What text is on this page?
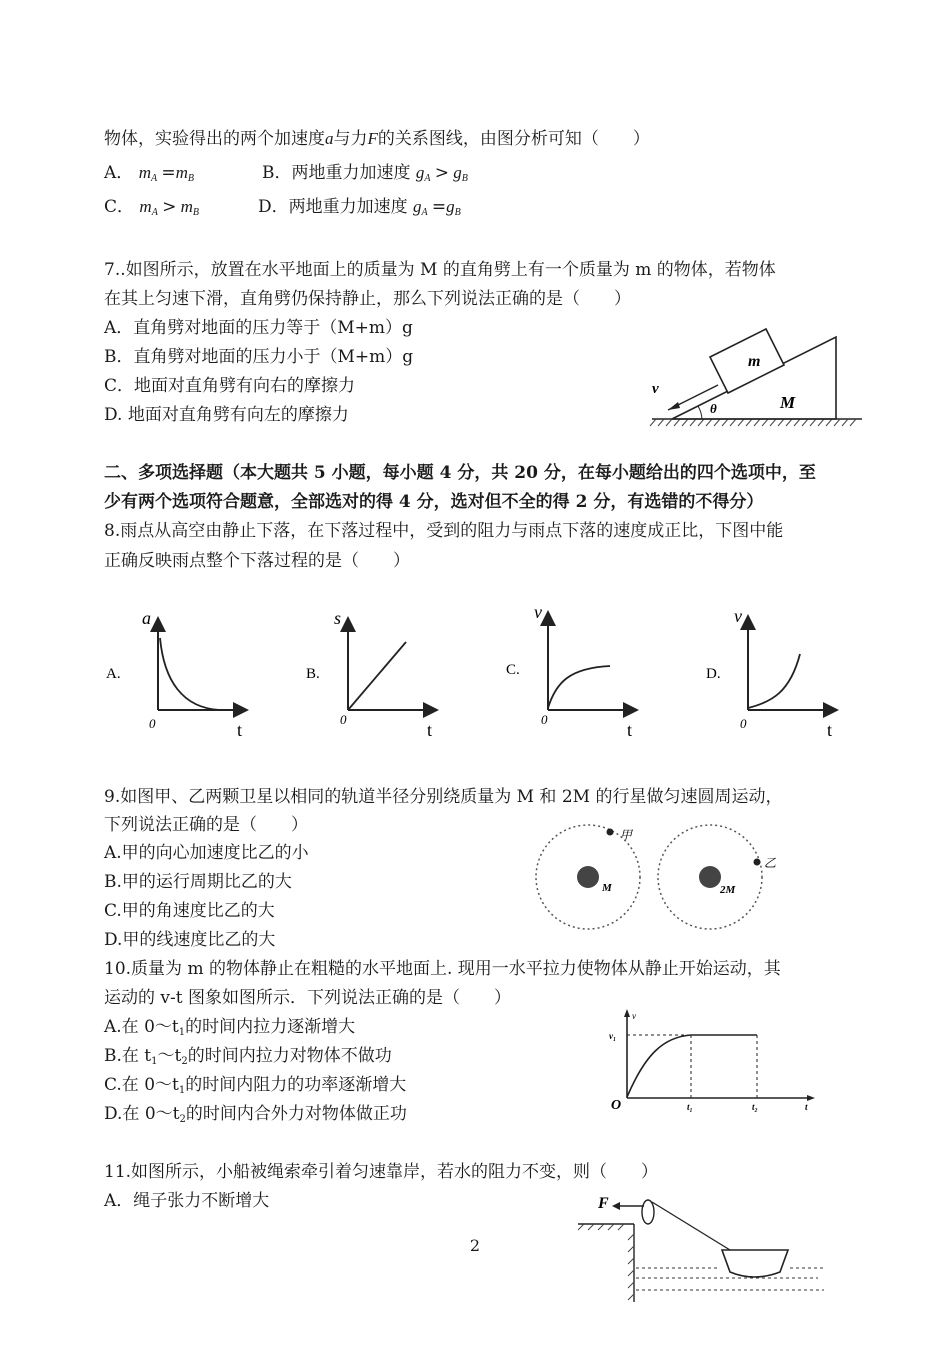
物体，实验得出的两个加速度a与力F的关系图线，由图分析可知（　　）
A． $m_A =m_B$	B．两地重力加速度 $g_A > g_B$
C． $m_A > m_B$	D．两地重力加速度 $g_A =g_B$
7..如图所示，放置在水平地面上的质量为 M 的直角劈上有一个质量为 m 的物体，若物体
在其上匀速下滑，直角劈仍保持静止，那么下列说法正确的是（　　）
A．直角劈对地面的压力等于（M+m）g
B．直角劈对地面的压力小于（M+m）g
C．地面对直角劈有向右的摩擦力
D. 地面对直角劈有向左的摩擦力
m
M
v
θ
二、多项选择题（本大题共 5 小题，每小题 4 分，共 20 分，在每小题给出的四个选项中，至
少有两个选项符合题意，全部选对的得 4 分，选对但不全的得 2 分，有选错的不得分）
8.雨点从高空由静止下落，在下落过程中，受到的阻力与雨点下落的速度成正比，下图中能
正确反映雨点整个下落过程的是（　　）
A.
a
t
0
B.
s
t
0
C.
v
t
0
D.
v
t
0
9.如图甲、乙两颗卫星以相同的轨道半径分别绕质量为 M 和 2M 的行星做匀速圆周运动，
下列说法正确的是（　　）
A.甲的向心加速度比乙的小
B.甲的运行周期比乙的大
C.甲的角速度比乙的大
D.甲的线速度比乙的大
甲
M
乙
2M
10.质量为 m 的物体静止在粗糙的水平地面上. 现用一水平拉力使物体从静止开始运动，其
运动的 v-t 图象如图所示．下列说法正确的是（　　）
A.在 0～t1的时间内拉力逐渐增大
B.在 t1～t2的时间内拉力对物体不做功
C.在 0～t1的时间内阻力的功率逐渐增大
D.在 0～t2的时间内合外力对物体做正功
v
v₁
O	t₁	t₂	t
11.如图所示，小船被绳索牵引着匀速靠岸，若水的阻力不变，则（　　）
A．绳子张力不断增大	F
2
